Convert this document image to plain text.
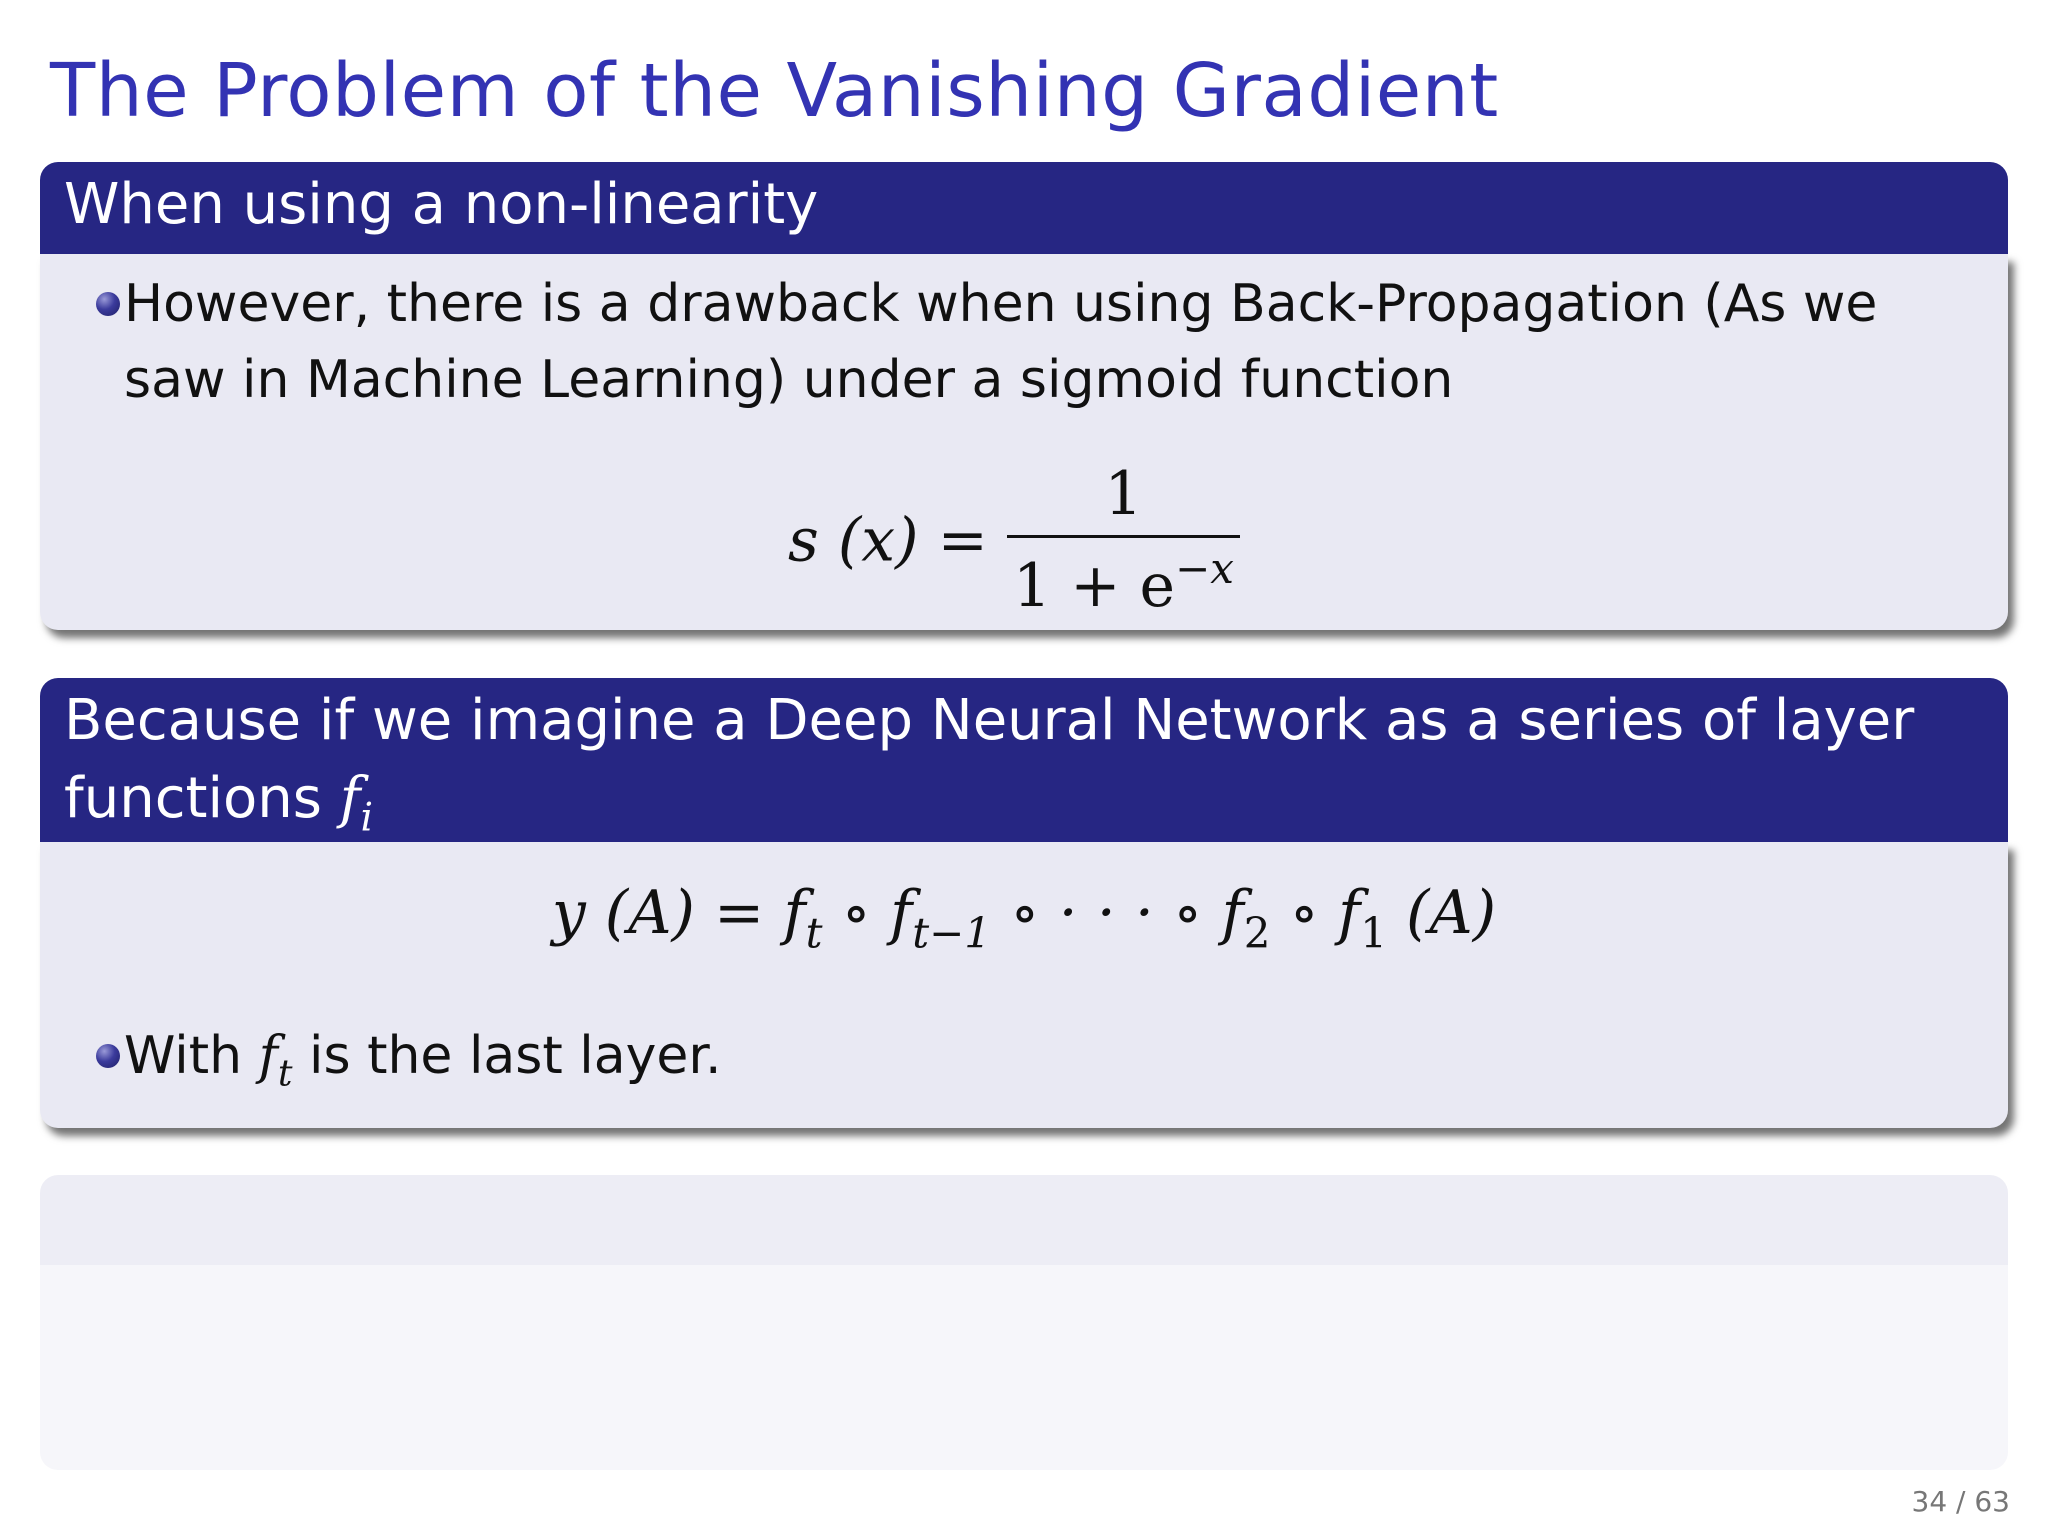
The Problem of the Vanishing Gradient
When using a non-linearity
However, there is a drawback when using Back-Propagation (As we
saw in Machine Learning) under a sigmoid function
s $(x) = \frac{1}{1 + e^{-x}}$
Because if we imagine a Deep Neural Network as a series of layer
functions $f_i$
y $(A) = f_t$ ∘ $f_{t-1}$ ∘ · · · ∘ $f_2$ ∘ $f_1$ (A)
With $f_t$ is the last layer.
34 / 63
